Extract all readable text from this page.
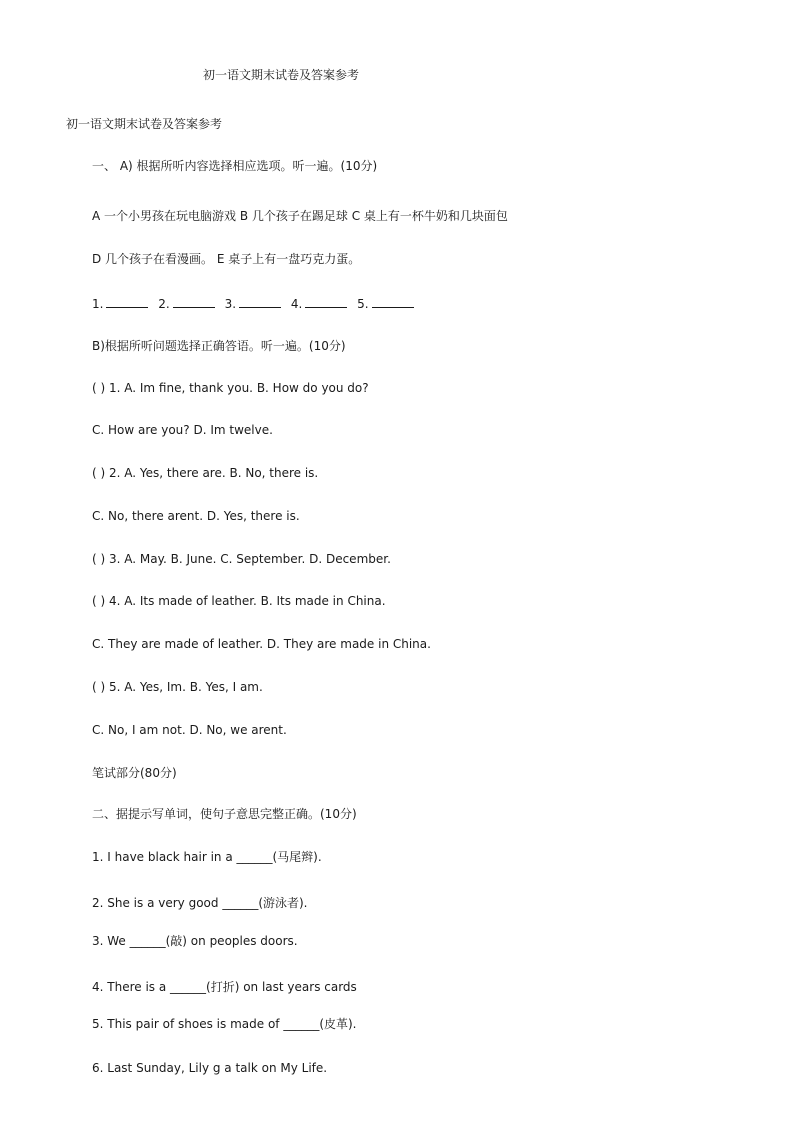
初一语文期末试卷及答案参考
初一语文期末试卷及答案参考
一、 A) 根据所听内容选择相应选项。听一遍。(10分)
A 一个小男孩在玩电脑游戏 B 几个孩子在踢足球 C 桌上有一杯牛奶和几块面包
D 几个孩子在看漫画。 E 桌子上有一盘巧克力蛋。
1.	2.	3.	4.	5.
B)根据所听问题选择正确答语。听一遍。(10分)
( ) 1. A. Im fine, thank you. B. How do you do?
C. How are you? D. Im twelve.
( ) 2. A. Yes, there are. B. No, there is.
C. No, there arent. D. Yes, there is.
( ) 3. A. May. B. June. C. September. D. December.
( ) 4. A. Its made of leather. B. Its made in China.
C. They are made of leather. D. They are made in China.
( ) 5. A. Yes, Im. B. Yes, I am.
C. No, I am not. D. No, we arent.
笔试部分(80分)
二、据提示写单词，使句子意思完整正确。(10分)
1. I have black hair in a ______(马尾辫).
2. She is a very good ______(游泳者).
3. We ______(敲) on peoples doors.
4. There is a ______(打折) on last years cards
5. This pair of shoes is made of ______(皮革).
6. Last Sunday, Lily g a talk on My Life.
